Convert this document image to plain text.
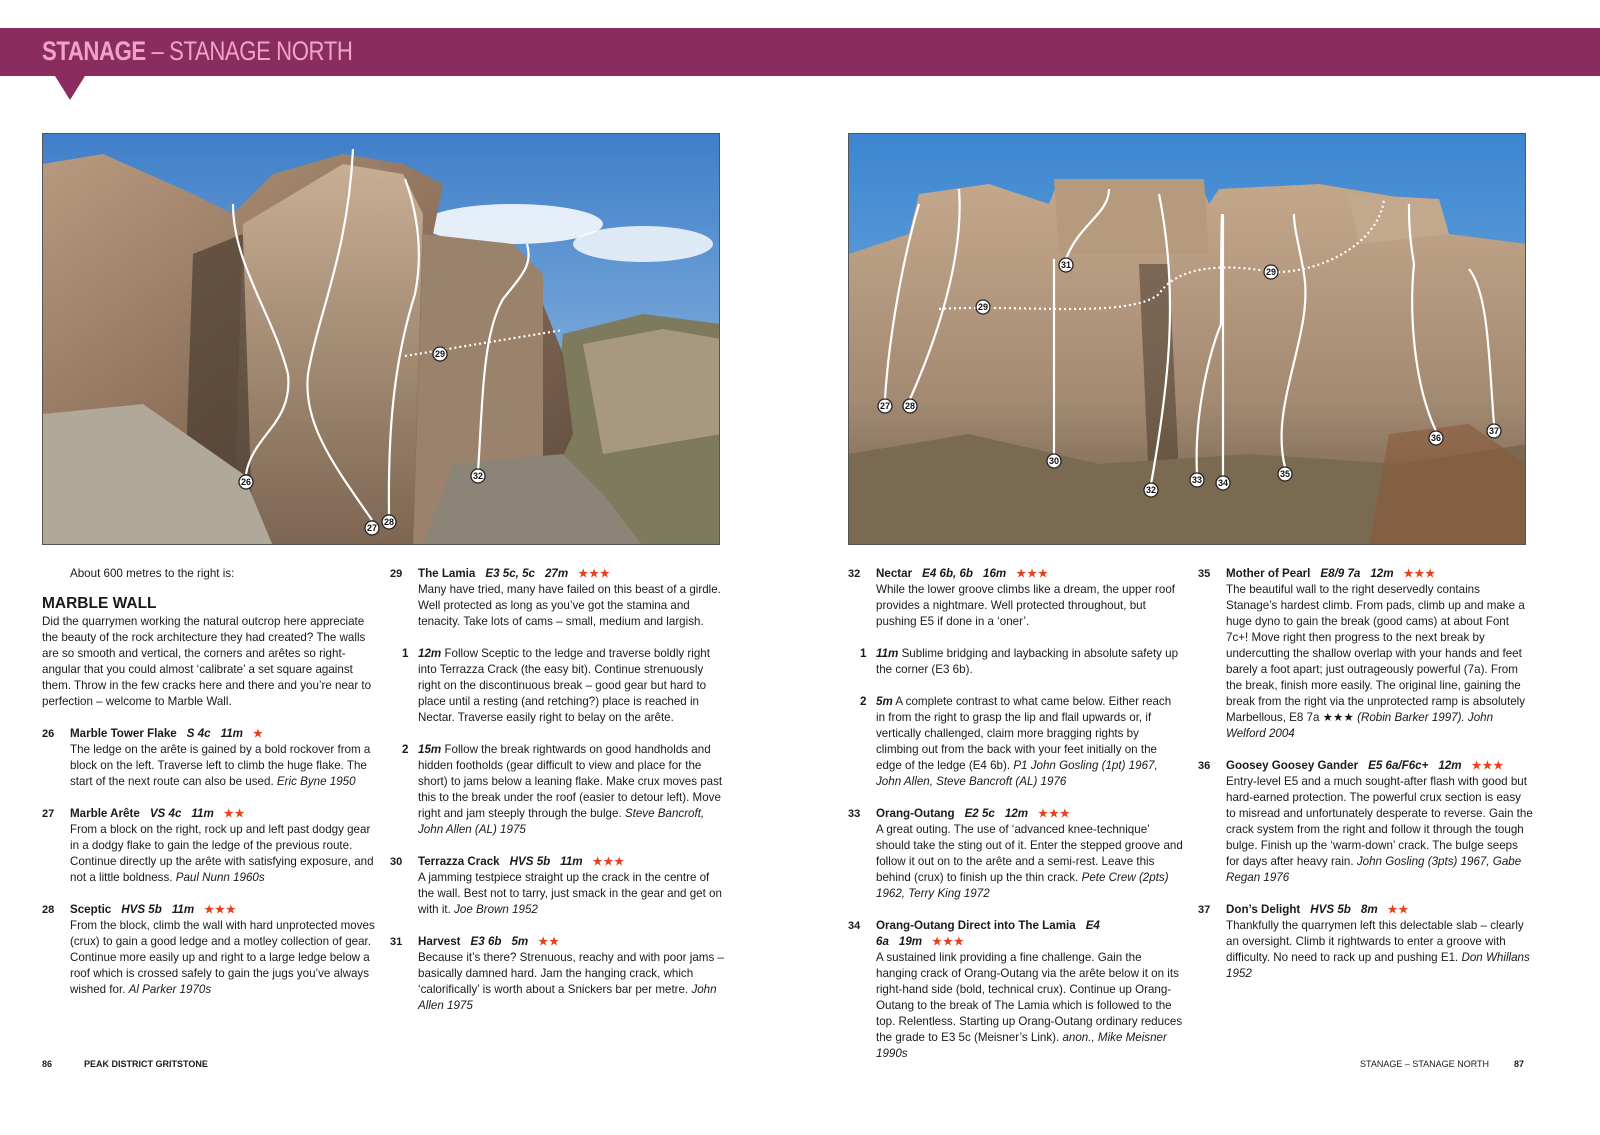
STANAGE – STANAGE NORTH
26
27
28
29
32
27 28
29
31
30
32
33 34
35
29
36
37
About 600 metres to the right is:
MARBLE WALL
Did the quarrymen working the natural outcrop here appreciate the beauty of the rock architecture they had created? The walls are so smooth and vertical, the corners and arêtes so right-angular that you could almost ‘calibrate’ a set square against them. Throw in the few cracks here and there and you’re near to perfection – welcome to Marble Wall.
26 Marble Tower Flake S 4c 11m ★
The ledge on the arête is gained by a bold rockover from a block on the left. Traverse left to climb the huge flake. The start of the next route can also be used. Eric Byne 1950
27 Marble Arête VS 4c 11m ★★
From a block on the right, rock up and left past dodgy gear in a dodgy flake to gain the ledge of the previous route. Continue directly up the arête with satisfying exposure, and not a little boldness. Paul Nunn 1960s
28 Sceptic HVS 5b 11m ★★★
From the block, climb the wall with hard unprotected moves (crux) to gain a good ledge and a motley collection of gear. Continue more easily up and right to a large ledge below a roof which is crossed safely to gain the jugs you’ve always wished for. Al Parker 1970s
29 The Lamia E3 5c, 5c 27m ★★★
Many have tried, many have failed on this beast of a girdle. Well protected as long as you’ve got the stamina and tenacity. Take lots of cams – small, medium and largish.
1 12m Follow Sceptic to the ledge and traverse boldly right into Terrazza Crack (the easy bit). Continue strenuously right on the discontinuous break – good gear but hard to place until a resting (and retching?) place is reached in Nectar. Traverse easily right to belay on the arête.
2 15m Follow the break rightwards on good handholds and hidden footholds (gear difficult to view and place for the short) to jams below a leaning flake. Make crux moves past this to the break under the roof (easier to detour left). Move right and jam steeply through the bulge. Steve Bancroft, John Allen (AL) 1975
30 Terrazza Crack HVS 5b 11m ★★★
A jamming testpiece straight up the crack in the centre of the wall. Best not to tarry, just smack in the gear and get on with it. Joe Brown 1952
31 Harvest E3 6b 5m ★★
Because it’s there? Strenuous, reachy and with poor jams – basically damned hard. Jam the hanging crack, which ‘calorifically’ is worth about a Snickers bar per metre. John Allen 1975
32 Nectar E4 6b, 6b 16m ★★★
While the lower groove climbs like a dream, the upper roof provides a nightmare. Well protected throughout, but pushing E5 if done in a ‘oner’.
1 11m Sublime bridging and laybacking in absolute safety up the corner (E3 6b).
2 5m A complete contrast to what came below. Either reach in from the right to grasp the lip and flail upwards or, if vertically challenged, claim more bragging rights by climbing out from the back with your feet initially on the edge of the ledge (E4 6b). P1 John Gosling (1pt) 1967, John Allen, Steve Bancroft (AL) 1976
33 Orang-Outang E2 5c 12m ★★★
A great outing. The use of ‘advanced knee-technique’ should take the sting out of it. Enter the stepped groove and follow it out on to the arête and a semi-rest. Leave this behind (crux) to finish up the thin crack. Pete Crew (2pts) 1962, Terry King 1972
34 Orang-Outang Direct into The Lamia E4 6a 19m ★★★
A sustained link providing a fine challenge. Gain the hanging crack of Orang-Outang via the arête below it on its right-hand side (bold, technical crux). Continue up Orang-Outang to the break of The Lamia which is followed to the top. Relentless. Starting up Orang-Outang ordinary reduces the grade to E3 5c (Meisner’s Link). anon., Mike Meisner 1990s
35 Mother of Pearl E8/9 7a 12m ★★★
The beautiful wall to the right deservedly contains Stanage’s hardest climb. From pads, climb up and make a huge dyno to gain the break (good cams) at about Font 7c+! Move right then progress to the next break by undercutting the shallow overlap with your hands and feet barely a foot apart; just outrageously powerful (7a). From the break, finish more easily. The original line, gaining the break from the right via the unprotected ramp is absolutely Marbellous, E8 7a ★★★ (Robin Barker 1997). John Welford 2004
36 Goosey Goosey Gander E5 6a/F6c+ 12m ★★★
Entry-level E5 and a much sought-after flash with good but hard-earned protection. The powerful crux section is easy to misread and unfortunately desperate to reverse. Gain the crack system from the right and follow it through the tough bulge. Finish up the ‘warm-down’ crack. The bulge seeps for days after heavy rain. John Gosling (3pts) 1967, Gabe Regan 1976
37 Don’s Delight HVS 5b 8m ★★
Thankfully the quarrymen left this delectable slab – clearly an oversight. Climb it rightwards to enter a groove with difficulty. No need to rack up and pushing E1. Don Whillans 1952
86	PEAK DISTRICT GRITSTONE	STANAGE – STANAGE NORTH	87
